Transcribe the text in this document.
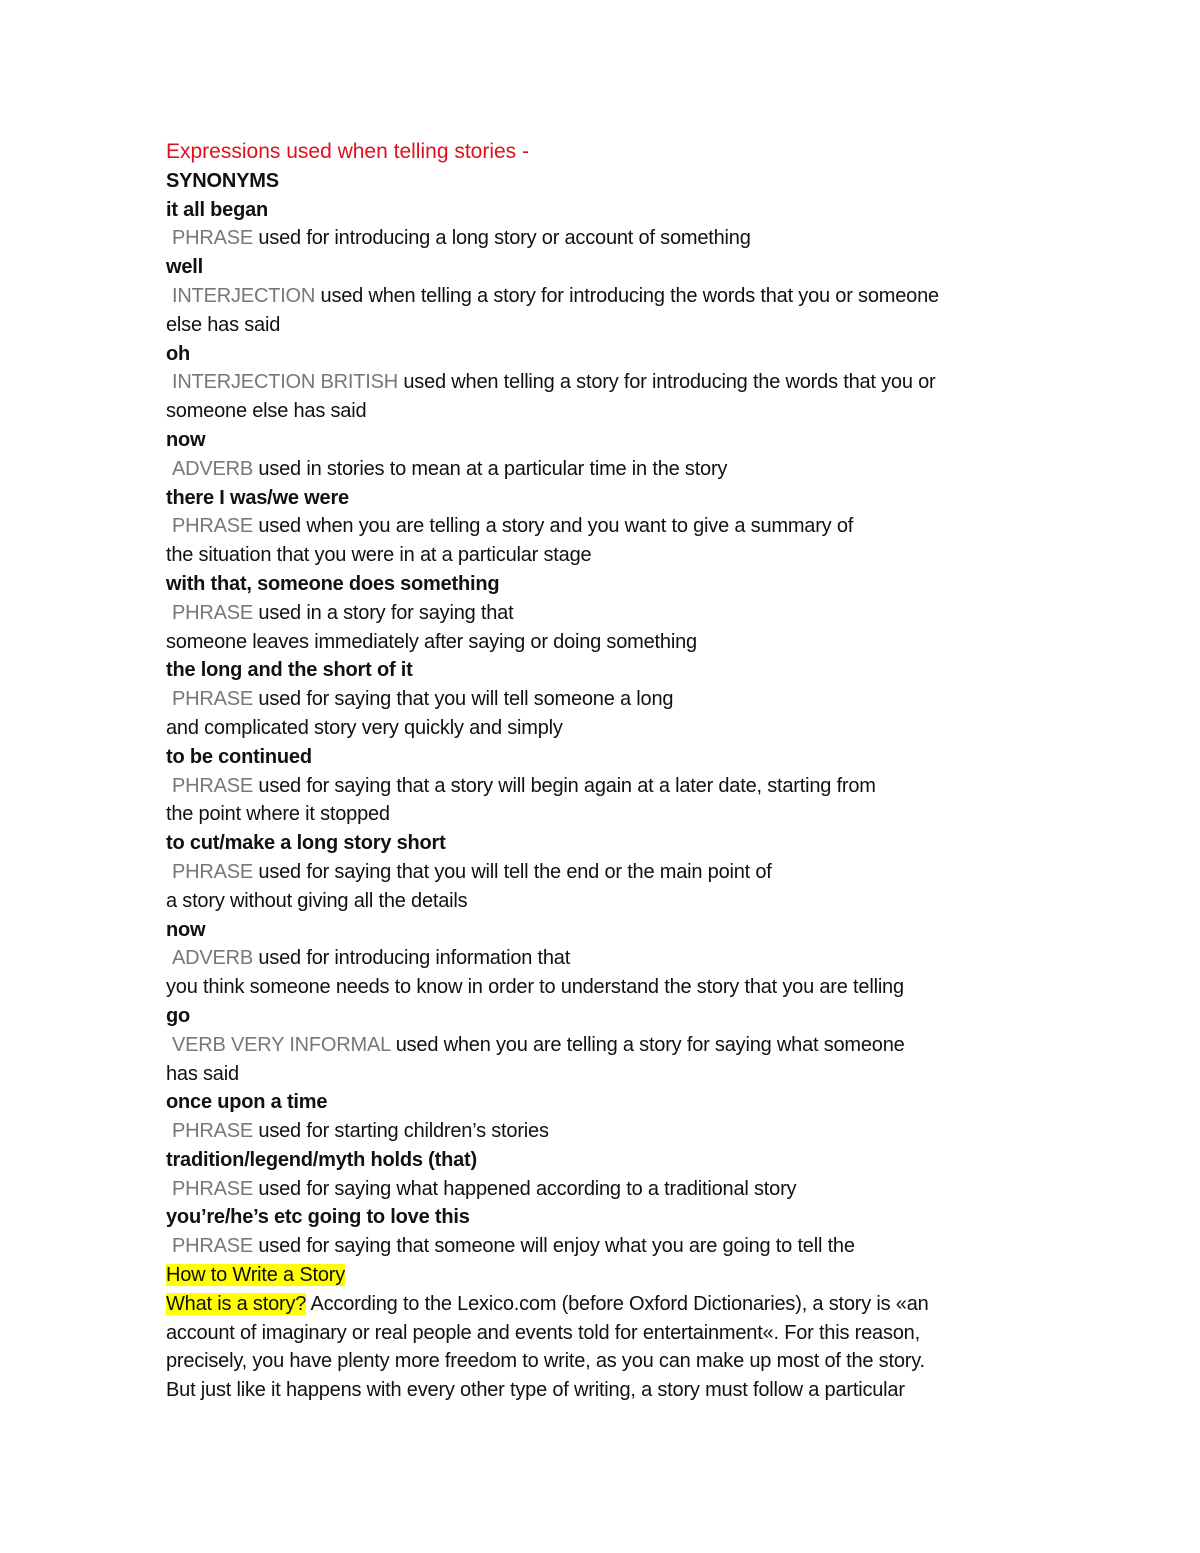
Expressions used when telling stories -
SYNONYMS
it all began
PHRASE used for introducing a long story or account of something
well
INTERJECTION used when telling a story for introducing the words that you or someone
else has said
oh
INTERJECTION BRITISH used when telling a story for introducing the words that you or
someone else has said
now
ADVERB used in stories to mean at a particular time in the story
there I was/we were
PHRASE used when you are telling a story and you want to give a summary of
the situation that you were in at a particular stage
with that, someone does something
PHRASE used in a story for saying that
someone leaves immediately after saying or doing something
the long and the short of it
PHRASE used for saying that you will tell someone a long
and complicated story very quickly and simply
to be continued
PHRASE used for saying that a story will begin again at a later date, starting from
the point where it stopped
to cut/make a long story short
PHRASE used for saying that you will tell the end or the main point of
a story without giving all the details
now
ADVERB used for introducing information that
you think someone needs to know in order to understand the story that you are telling
go
VERB VERY INFORMAL used when you are telling a story for saying what someone
has said
once upon a time
PHRASE used for starting children’s stories
tradition/legend/myth holds (that)
PHRASE used for saying what happened according to a traditional story
you’re/he’s etc going to love this
PHRASE used for saying that someone will enjoy what you are going to tell the
How to Write a Story
What is a story? According to the Lexico.com (before Oxford Dictionaries), a story is «an
account of imaginary or real people and events told for entertainment«. For this reason,
precisely, you have plenty more freedom to write, as you can make up most of the story.
But just like it happens with every other type of writing, a story must follow a particular
